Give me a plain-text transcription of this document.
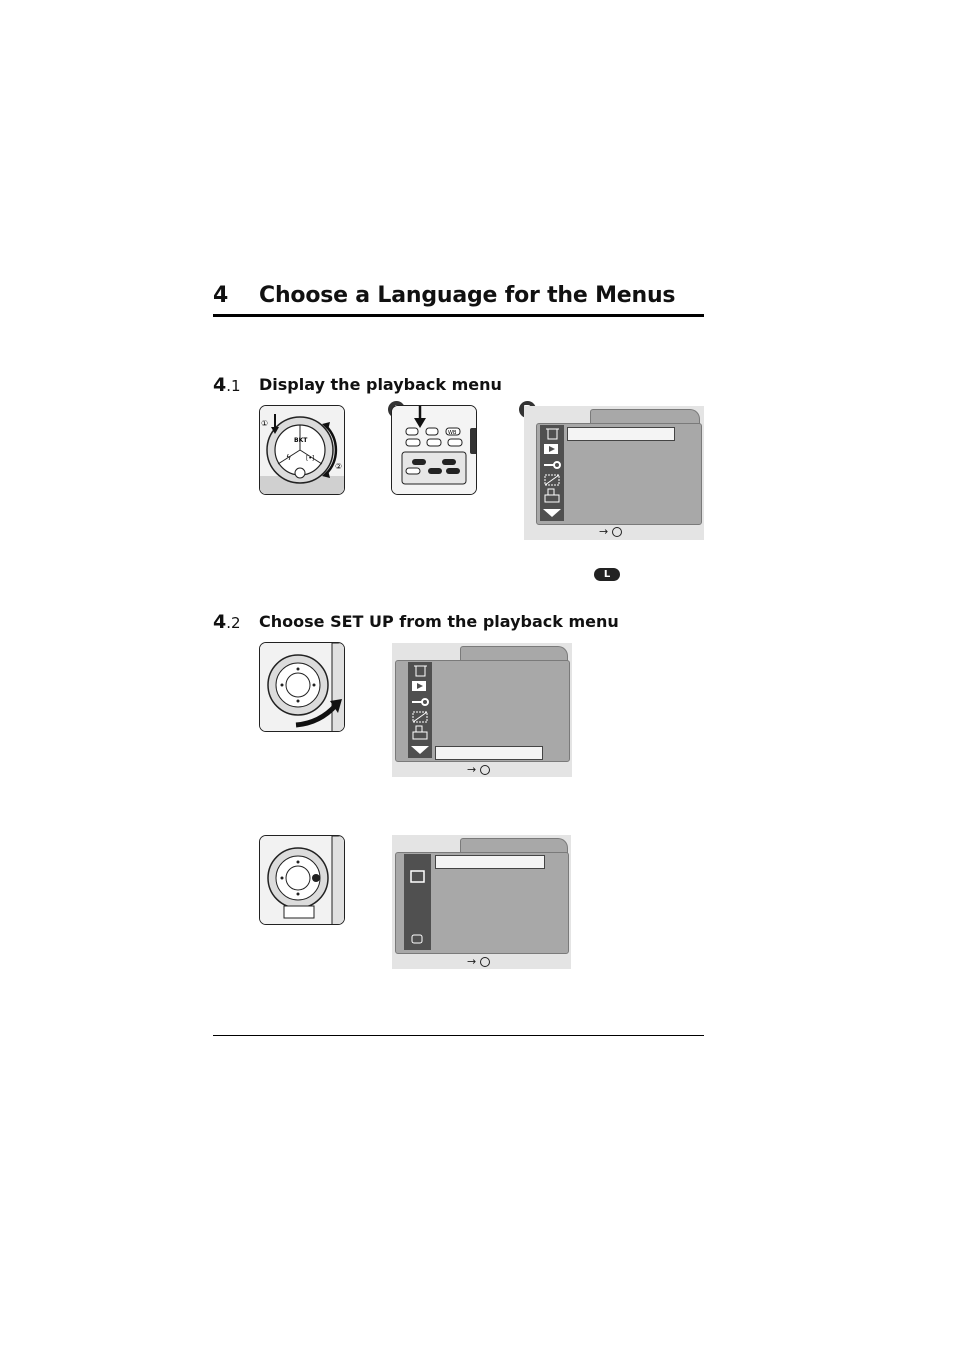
4 Choose a Language for the Menus
4.1 Display the playback menu
BKT
ϟ [•]
①
②
WB
→
L
4.2 Choose SET UP from the playback menu
→
→
